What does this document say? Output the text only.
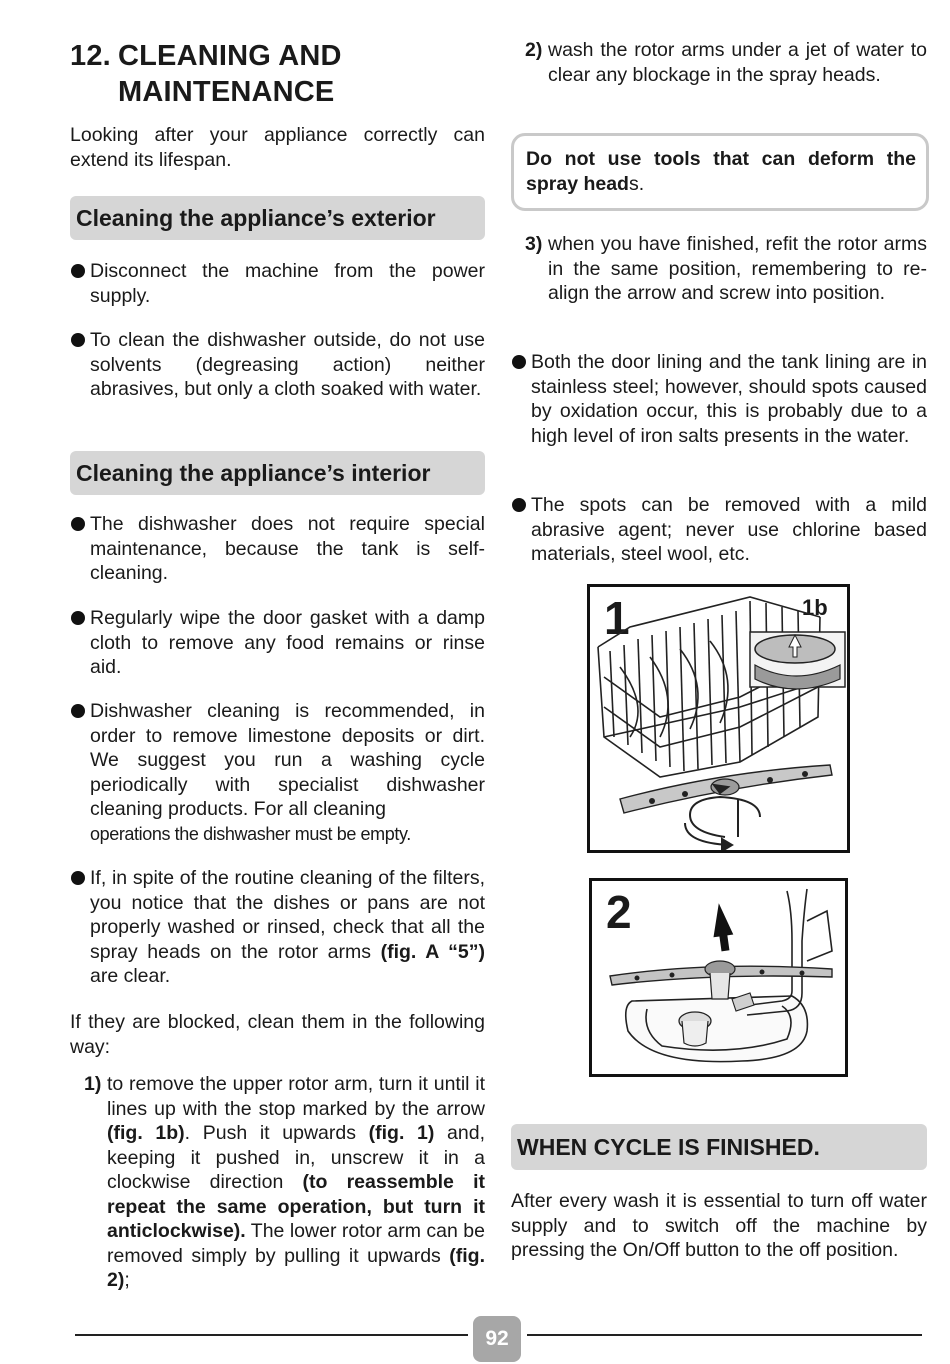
12. CLEANING AND
MAINTENANCE

Looking after your appliance correctly can extend its lifespan.

Cleaning the appliance’s exterior

Disconnect the machine from the power supply.

To clean the dishwasher outside, do not use solvents (degreasing action) neither abrasives, but only a cloth soaked with water.

Cleaning the appliance’s interior

The dishwasher does not require special maintenance, because the tank is self-cleaning.

Regularly wipe the door gasket with a damp cloth to remove any food remains or rinse aid.

Dishwasher cleaning is recommended, in order to remove limestone deposits or dirt. We suggest you run a washing cycle periodically with specialist dishwasher cleaning products. For all cleaning
operations the dishwasher must be empty.

If, in spite of the routine cleaning of the filters, you notice that the dishes or pans are not properly washed or rinsed, check that all the spray heads on the rotor arms (fig. A “5”) are clear.

If they are blocked, clean them in the following way:

1) to remove the upper rotor arm, turn it until it lines up with the stop marked by the arrow (fig. 1b). Push it upwards (fig. 1) and, keeping it pushed in, unscrew it in a clockwise direction (to reassemble it repeat the same operation, but turn it anticlockwise). The lower rotor arm can be removed simply by pulling it upwards (fig. 2);

2) wash the rotor arms under a jet of water to clear any blockage in the spray heads.

Do not use tools that can deform the spray heads.

3) when you have finished, refit the rotor arms in the same position, remembering to re-align the arrow and screw into position.

Both the door lining and the tank lining are in stainless steel; however, should spots caused by oxidation occur, this is probably due to a high level of iron salts presents in the water.

The spots can be removed with a mild abrasive agent; never use chlorine based materials, steel wool, etc.

1	1b
2
WHEN CYCLE IS FINISHED.

After every wash it is essential to turn off water supply and to switch off the machine by pressing the On/Off button to the off position.

92
